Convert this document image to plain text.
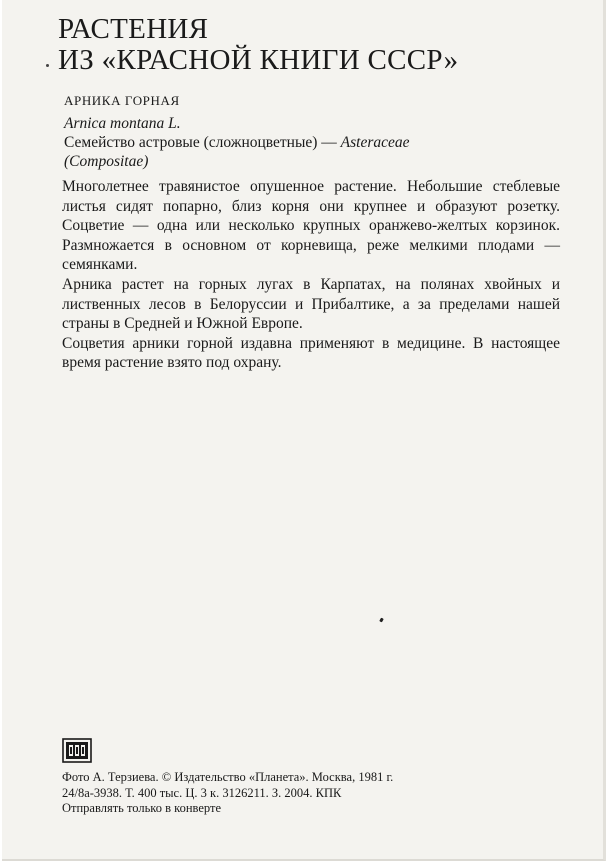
РАСТЕНИЯ
ИЗ «КРАСНОЙ КНИГИ СССР»
АРНИКА ГОРНАЯ
Arnica montana L.
Семейство астровые (сложноцветные) — Asteraceae
(Compositae)

Многолетнее травянистое опушенное растение. Небольшие стеблевые листья сидят попарно, близ корня они крупнее и образуют розетку. Соцветие — одна или несколько крупных оранжево-желтых корзинок. Размножается в основном от корневища, реже мелкими плодами — семянками.

Арника растет на горных лугах в Карпатах, на полянах хвойных и лиственных лесов в Белоруссии и Прибалтике, а за пределами нашей страны в Средней и Южной Европе.

Соцветия арники горной издавна применяют в медицине. В настоящее время растение взято под охрану.

Фото А. Терзиева. © Издательство «Планета». Москва, 1981 г.
24/8а-3938. Т. 400 тыс. Ц. 3 к. 3126211. З. 2004. КПК
Отправлять только в конверте
